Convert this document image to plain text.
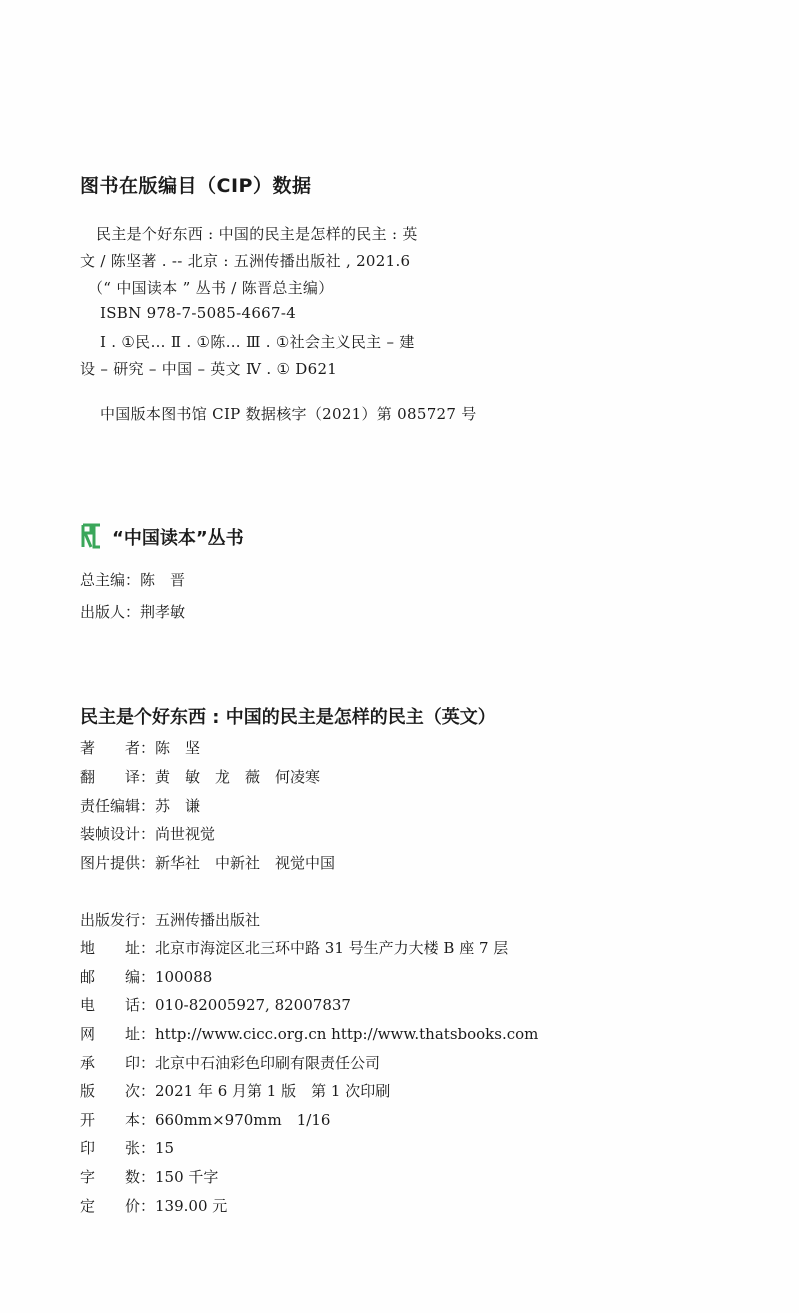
图书在版编目（CIP）数据
民主是个好东西 : 中国的民主是怎样的民主 : 英
文 / 陈坚著 . -- 北京 : 五洲传播出版社 , 2021.6
（“ 中国读本 ” 丛书 / 陈晋总主编）
ISBN 978-7-5085-4667-4
Ⅰ . ①民… Ⅱ . ①陈… Ⅲ . ①社会主义民主 – 建
设 – 研究 – 中国 – 英文 Ⅳ . ① D621
中国版本图书馆 CIP 数据核字（2021）第 085727 号
“中国读本”丛书
总主编：陈　晋
出版人：荆孝敏
民主是个好东西 : 中国的民主是怎样的民主（英文）
著　　者：陈　坚
翻　　译：黄　敏　龙　薇　何凌寒
责任编辑：苏　谦
装帧设计：尚世视觉
图片提供：新华社　中新社　视觉中国
出版发行：五洲传播出版社
地　　址：北京市海淀区北三环中路 31 号生产力大楼 B 座 7 层
邮　　编：100088
电　　话：010-82005927, 82007837
网　　址：http://www.cicc.org.cn http://www.thatsbooks.com
承　　印：北京中石油彩色印刷有限责任公司
版　　次：2021 年 6 月第 1 版　第 1 次印刷
开　　本：660mm×970mm　1/16
印　　张：15
字　　数：150 千字
定　　价：139.00 元
